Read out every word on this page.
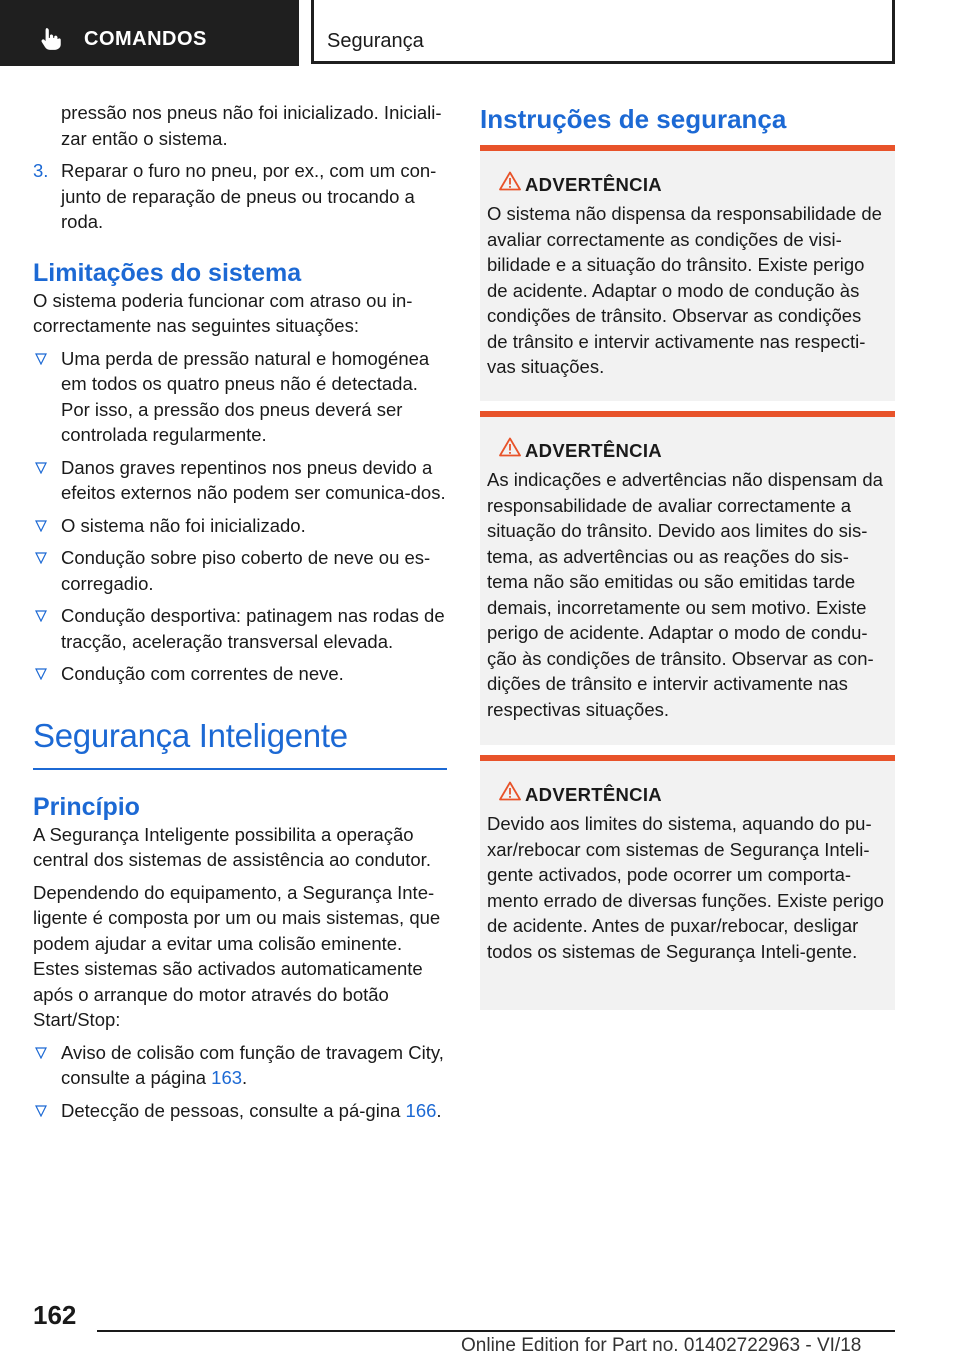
COMANDOS	Segurança

pressão nos pneus não foi inicializado. Iniciali-zar então o sistema.

3. Reparar o furo no pneu, por ex., com um con-junto de reparação de pneus ou trocando a roda.
Limitações do sistema

O sistema poderia funcionar com atraso ou in-correctamente nas seguintes situações:

Uma perda de pressão natural e homogénea em todos os quatro pneus não é detectada. Por isso, a pressão dos pneus deverá ser controlada regularmente.
Danos graves repentinos nos pneus devido a efeitos externos não podem ser comunica-dos.
O sistema não foi inicializado.
Condução sobre piso coberto de neve ou es-corregadio.
Condução desportiva: patinagem nas rodas de tracção, aceleração transversal elevada.
Condução com correntes de neve.
Segurança Inteligente
Princípio

A Segurança Inteligente possibilita a operação central dos sistemas de assistência ao condutor.

Dependendo do equipamento, a Segurança Inte-ligente é composta por um ou mais sistemas, que podem ajudar a evitar uma colisão eminente. Estes sistemas são activados automaticamente após o arranque do motor através do botão Start/Stop:

Aviso de colisão com função de travagem City, consulte a página 163.
Detecção de pessoas, consulte a pá-gina 166.
Instruções de segurança
ADVERTÊNCIA

O sistema não dispensa da responsabilidade de avaliar correctamente as condições de visi-bilidade e a situação do trânsito. Existe perigo de acidente. Adaptar o modo de condução às condições de trânsito. Observar as condições de trânsito e intervir activamente nas respecti-vas situações.

ADVERTÊNCIA

As indicações e advertências não dispensam da responsabilidade de avaliar correctamente a situação do trânsito. Devido aos limites do sis-tema, as advertências ou as reações do sis-tema não são emitidas ou são emitidas tarde demais, incorretamente ou sem motivo. Existe perigo de acidente. Adaptar o modo de condu-ção às condições de trânsito. Observar as con-dições de trânsito e intervir activamente nas respectivas situações.

ADVERTÊNCIA

Devido aos limites do sistema, aquando do pu-xar/rebocar com sistemas de Segurança Inteli-gente activados, pode ocorrer um comporta-mento errado de diversas funções. Existe perigo de acidente. Antes de puxar/rebocar, desligar todos os sistemas de Segurança Inteli-gente.

162
Online Edition for Part no. 01402722963 - VI/18
